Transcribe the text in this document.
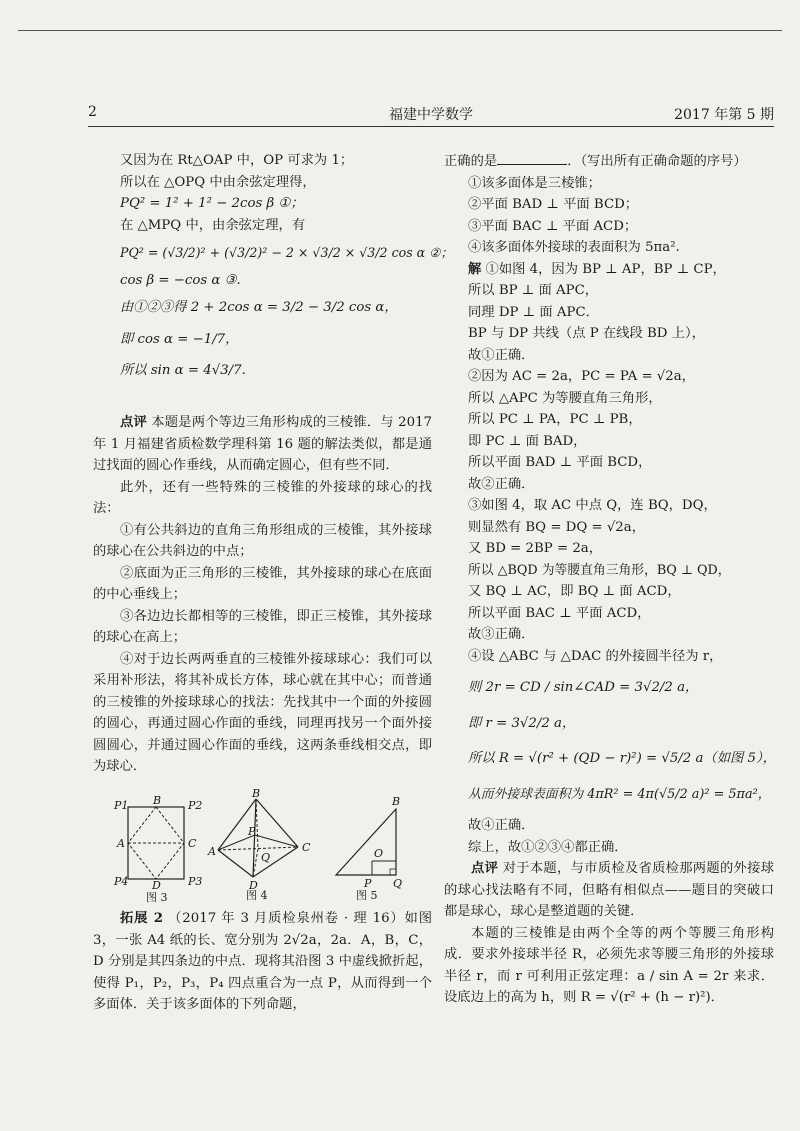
2	福建中学数学	2017 年第 5 期
又因为在 Rt△OAP 中，OP 可求为 1；
所以在 △OPQ 中由余弦定理得，
PQ² = 1² + 1² − 2cos β ①；
在 △MPQ 中，由余弦定理，有
PQ² = (√3/2)² + (√3/2)² − 2 × √3/2 × √3/2 cos α ②；
cos β = −cos α ③.
由①②③得 2 + 2cos α = 3/2 − 3/2 cos α，
即 cos α = −1/7，
所以 sin α = 4√3/7.
点评 本题是两个等边三角形构成的三棱锥．与 2017 年 1 月福建省质检数学理科第 16 题的解法类似，都是通过找面的圆心作垂线，从而确定圆心，但有些不同．
此外，还有一些特殊的三棱锥的外接球的球心的找法：
①有公共斜边的直角三角形组成的三棱锥，其外接球的球心在公共斜边的中点；
②底面为正三角形的三棱锥，其外接球的球心在底面的中心垂线上；
③各边边长都相等的三棱锥，即正三棱锥，其外接球的球心在高上；
④对于边长两两垂直的三棱锥外接球球心：我们可以采用补形法，将其补成长方体，球心就在其中心；而普通的三棱锥的外接球球心的找法：先找其中一个面的外接圆的圆心，再通过圆心作面的垂线，同理再找另一个面外接圆圆心，并通过圆心作面的垂线，这两条垂线相交点，即为球心．
P1 B P2
A	C
P4 D P3
图 3
B
P
A	Q
C
D
图 4
B
O
P Q
图 5
拓展 2 （2017 年 3 月质检泉州卷 · 理 16）如图 3，一张 A4 纸的长、宽分别为 2√2a，2a．A，B，C，D 分别是其四条边的中点．现将其沿图 3 中虚线掀折起，使得 P₁，P₂，P₃，P₄ 四点重合为一点 P，从而得到一个多面体．关于该多面体的下列命题，
正确的是	．（写出所有正确命题的序号）
①该多面体是三棱锥；
②平面 BAD ⊥ 平面 BCD；
③平面 BAC ⊥ 平面 ACD；
④该多面体外接球的表面积为 5πa².
解 ①如图 4，因为 BP ⊥ AP，BP ⊥ CP，
所以 BP ⊥ 面 APC，
同理 DP ⊥ 面 APC．
BP 与 DP 共线（点 P 在线段 BD 上），
故①正确．
②因为 AC = 2a，PC = PA = √2a，
所以 △APC 为等腰直角三角形，
所以 PC ⊥ PA，PC ⊥ PB，
即 PC ⊥ 面 BAD，
所以平面 BAD ⊥ 平面 BCD，
故②正确．
③如图 4，取 AC 中点 Q，连 BQ，DQ，
则显然有 BQ = DQ = √2a，
又 BD = 2BP = 2a，
所以 △BQD 为等腰直角三角形，BQ ⊥ QD，
又 BQ ⊥ AC，即 BQ ⊥ 面 ACD，
所以平面 BAC ⊥ 平面 ACD，
故③正确．
④设 △ABC 与 △DAC 的外接圆半径为 r，
则 2r = CD / sin∠CAD = 3√2/2 a，
即 r = 3√2/2 a，
所以 R = √(r² + (QD − r)²) = √5/2 a（如图 5），
从而外接球表面积为 4πR² = 4π(√5/2 a)² = 5πa²，
故④正确．
综上，故①②③④都正确．
点评 对于本题，与市质检及省质检那两题的外接球的球心找法略有不同，但略有相似点——题目的突破口都是球心，球心是整道题的关键．
本题的三棱锥是由两个全等的两个等腰三角形构成．要求外接球半径 R，必须先求等腰三角形的外接球半径 r，而 r 可利用正弦定理：a / sin A = 2r 来求．设底边上的高为 h，则 R = √(r² + (h − r)²)．
